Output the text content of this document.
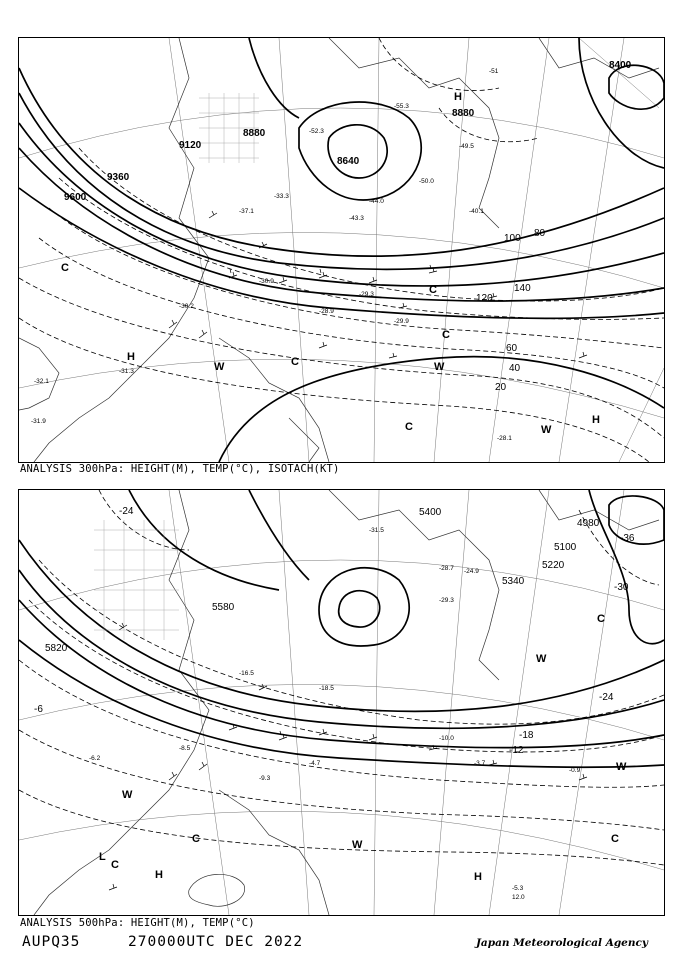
8400
8880
8640
8880
9120
9360
9600
140
120
100 80
60
40
20
-51
-49.5
-55.3
-52.3
-50.0
-44.0
-43.3
-40.1
-37.1
-33.3
-30.9
-29.3
-28.9
-31.3
-32.1
-31.9
-28.1
-29.9
-30.2
H
H
H
C
C
C
C
C
W	W
W
ANALYSIS 300hPa: HEIGHT(M), TEMP(°C), ISOTACH(KT)
5820
5580
5340
5100
4980
5220
5400
-36
-30
-24
-18
-12
-6
-24
-31.5
-28.7
-29.3
-24.9
-18.5
-16.5
-10.0
-8.5
-4.7	-3.7
-0.9
-5.3
12.0
-6.2
-9.3
L
H	H
C
C	C
C
W
W
W
W
ANALYSIS 500hPa: HEIGHT(M), TEMP(°C)
AUPQ35	270000UTC DEC 2022	Japan Meteorological Agency
